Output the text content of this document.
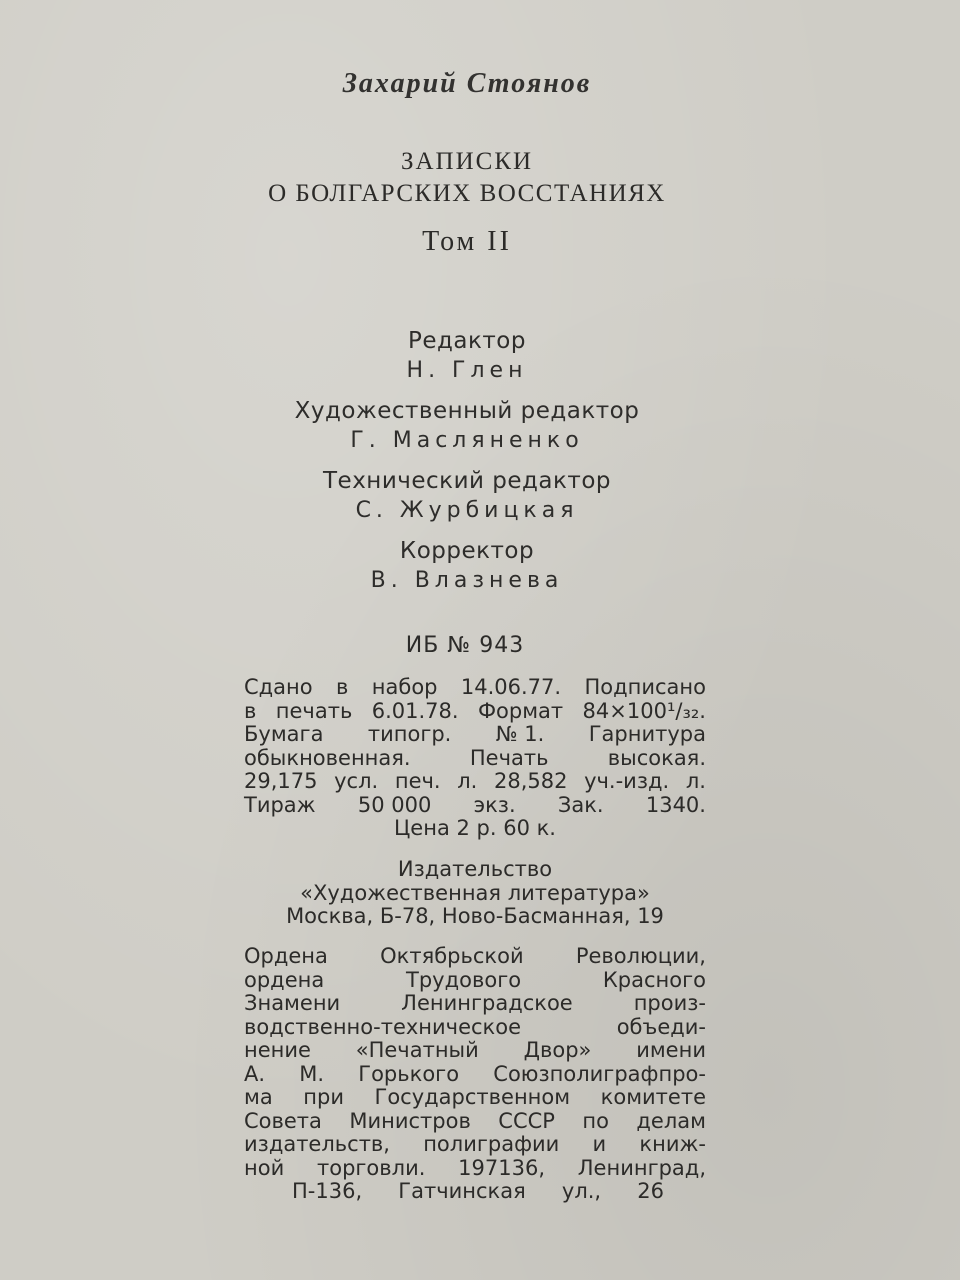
Захарий Стоянов

ЗАПИСКИ

О БОЛГАРСКИХ ВОССТАНИЯХ

Том II

Редактор
Н. Глен
Художественный редактор
Г. Масляненко
Технический редактор
С. Журбицкая
Корректор
В. Влазнева
ИБ № 943
Сдано в набор 14.06.77. Подписано
в печать 6.01.78. Формат 84×100¹/₃₂.
Бумага типогр. № 1. Гарнитура
обыкновенная.	Печать	высокая.
29,175 усл. печ. л. 28,582 уч.-изд. л.
Тираж 50 000 экз. Зак. 1340.
Цена 2 р. 60 к.
Издательство
«Художественная литература»
Москва, Б-78, Ново-Басманная, 19
Ордена Октябрьской Революции,
ордена	Трудового	Красного
Знамени	Ленинградское	произ-
водственно-техническое	объеди-
нение «Печатный Двор» имени
А. М. Горького Союзполиграфпро-
ма при Государственном комитете
Совета Министров СССР по делам
издательств, полиграфии и книж-
ной торговли. 197136, Ленинград,
П-136, Гатчинская ул., 26
